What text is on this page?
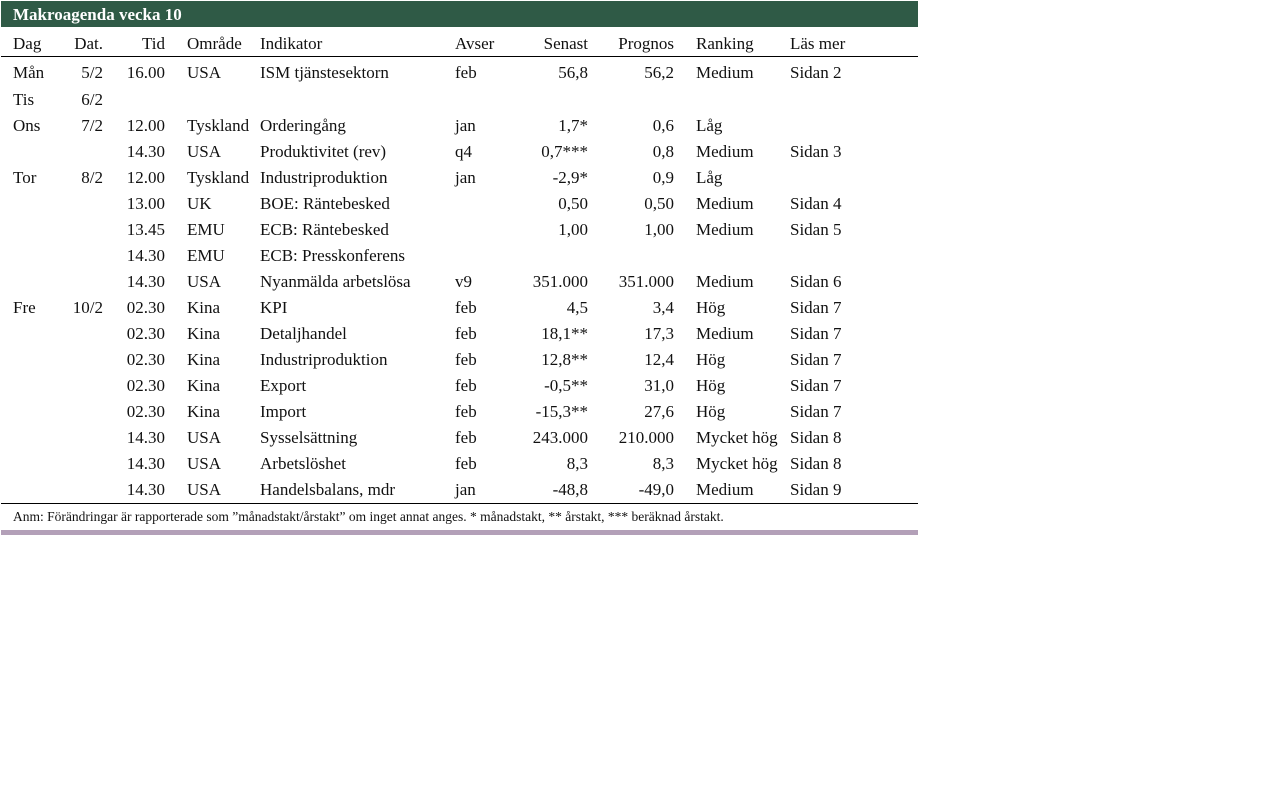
Makroagenda vecka 10
	Dag	Dat.	Tid	Område	Indikator	Avser	Senast	Prognos	Ranking	Läs mer
	Mån	5/2	16.00	USA	ISM tjänstesektorn	feb	56,8	56,2	Medium	Sidan 2
	Tis	6/2								
	Ons	7/2	12.00	Tyskland	Orderingång	jan	1,7*	0,6	Låg	
			14.30	USA	Produktivitet (rev)	q4	0,7***	0,8	Medium	Sidan 3
	Tor	8/2	12.00	Tyskland	Industriproduktion	jan	-2,9*	0,9	Låg	
			13.00	UK	BOE: Räntebesked		0,50	0,50	Medium	Sidan 4
			13.45	EMU	ECB: Räntebesked		1,00	1,00	Medium	Sidan 5
			14.30	EMU	ECB: Presskonferens					
			14.30	USA	Nyanmälda arbetslösa	v9	351.000	351.000	Medium	Sidan 6
	Fre	10/2	02.30	Kina	KPI	feb	4,5	3,4	Hög	Sidan 7
			02.30	Kina	Detaljhandel	feb	18,1**	17,3	Medium	Sidan 7
			02.30	Kina	Industriproduktion	feb	12,8**	12,4	Hög	Sidan 7
			02.30	Kina	Export	feb	-0,5**	31,0	Hög	Sidan 7
			02.30	Kina	Import	feb	-15,3**	27,6	Hög	Sidan 7
			14.30	USA	Sysselsättning	feb	243.000	210.000	Mycket hög	Sidan 8
			14.30	USA	Arbetslöshet	feb	8,3	8,3	Mycket hög	Sidan 8
			14.30	USA	Handelsbalans, mdr	jan	-48,8	-49,0	Medium	Sidan 9
Anm: Förändringar är rapporterade som ”månadstakt/årstakt” om inget annat anges. * månadstakt, ** årstakt, *** beräknad årstakt.										
